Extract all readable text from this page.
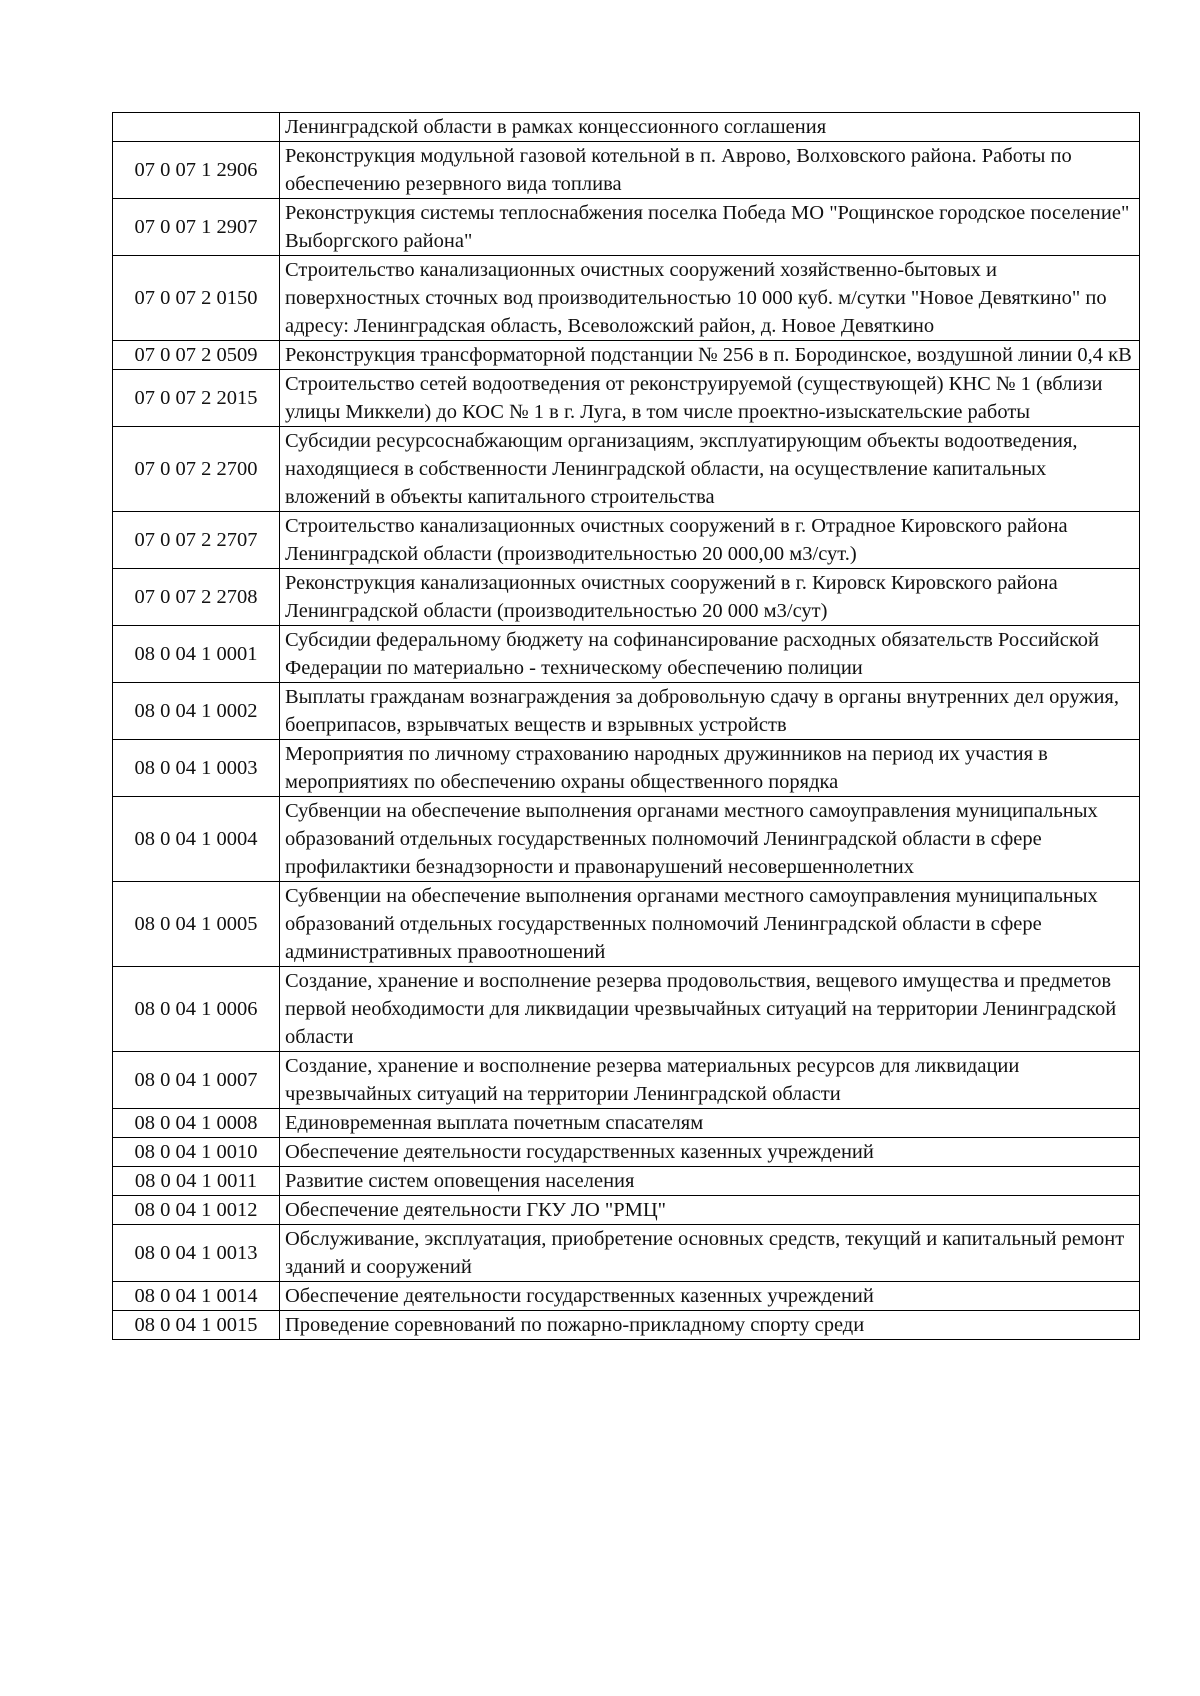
	Ленинградской области в рамках концессионного соглашения
07 0 07 1 2906	Реконструкция модульной газовой котельной в п. Аврово, Волховского района. Работы по обеспечению резервного вида топлива
07 0 07 1 2907	Реконструкция системы теплоснабжения поселка Победа МО "Рощинское городское поселение" Выборгского района"
07 0 07 2 0150	Строительство канализационных очистных сооружений хозяйственно-бытовых и поверхностных сточных вод производительностью 10 000 куб. м/сутки "Новое Девяткино" по адресу: Ленинградская область, Всеволожский район, д. Новое Девяткино
07 0 07 2 0509	Реконструкция трансформаторной подстанции № 256 в п. Бородинское, воздушной линии 0,4 кВ
07 0 07 2 2015	Строительство сетей водоотведения от реконструируемой (существующей) КНС № 1 (вблизи улицы Миккели) до КОС № 1 в г. Луга, в том числе проектно-изыскательские работы
07 0 07 2 2700	Субсидии ресурсоснабжающим организациям, эксплуатирующим объекты водоотведения, находящиеся в собственности Ленинградской области, на осуществление капитальных вложений в объекты капитального строительства
07 0 07 2 2707	Строительство канализационных очистных сооружений в г. Отрадное Кировского района Ленинградской области (производительностью 20 000,00 м3/сут.)
07 0 07 2 2708	Реконструкция канализационных очистных сооружений в г. Кировск Кировского района Ленинградской области (производительностью 20 000 м3/сут)
08 0 04 1 0001	Субсидии федеральному бюджету на софинансирование расходных обязательств Российской Федерации по материально - техническому обеспечению полиции
08 0 04 1 0002	Выплаты гражданам вознаграждения за добровольную сдачу в органы внутренних дел оружия, боеприпасов, взрывчатых веществ и взрывных устройств
08 0 04 1 0003	Мероприятия по личному страхованию народных дружинников на период их участия в мероприятиях по обеспечению охраны общественного порядка
08 0 04 1 0004	Субвенции на обеспечение выполнения органами местного самоуправления муниципальных образований отдельных государственных полномочий Ленинградской области в сфере профилактики безнадзорности и правонарушений несовершеннолетних
08 0 04 1 0005	Субвенции на обеспечение выполнения органами местного самоуправления муниципальных образований отдельных государственных полномочий Ленинградской области в сфере административных правоотношений
08 0 04 1 0006	Создание, хранение и восполнение резерва продовольствия, вещевого имущества и предметов первой необходимости для ликвидации чрезвычайных ситуаций на территории Ленинградской области
08 0 04 1 0007	Создание, хранение и восполнение резерва материальных ресурсов для ликвидации чрезвычайных ситуаций на территории Ленинградской области
08 0 04 1 0008	Единовременная выплата почетным спасателям
08 0 04 1 0010	Обеспечение деятельности государственных казенных учреждений
08 0 04 1 0011	Развитие систем оповещения населения
08 0 04 1 0012	Обеспечение деятельности ГКУ ЛО "РМЦ"
08 0 04 1 0013	Обслуживание, эксплуатация, приобретение основных средств, текущий и капитальный ремонт зданий и сооружений
08 0 04 1 0014	Обеспечение деятельности государственных казенных учреждений
08 0 04 1 0015	Проведение соревнований по пожарно-прикладному спорту среди
